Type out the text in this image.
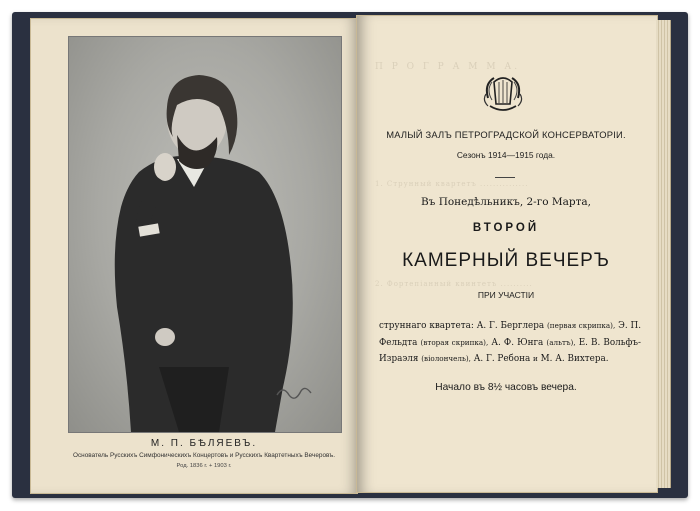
М. П. БѢЛЯЕВЪ.
Основатель Русскихъ Симфоническихъ Концертовъ и Русскихъ Квартетныхъ Вечеровъ.
Род. 1836 г. + 1903 г.
П Р О Г Р А М М А.
1. Струнный квартетъ ...............
2. Фортепіанный квинтетъ ..........
МАЛЫЙ ЗАЛЪ ПЕТРОГРАДСКОЙ КОНСЕРВАТОРІИ.
Сезонъ 1914—1915 года.
Въ Понедѣльникъ, 2-го Марта,
ВТОРОЙ
КАМЕРНЫЙ ВЕЧЕРЪ
ПРИ УЧАСТІИ
струннаго квартета: А. Г. Берглера (первая скрипка), Э. П. Фельдта (вторая скрипка), А. Ф. Юнга (альтъ), Е. В. Вольфъ-Израэля (віолончель), А. Г. Ребона и М. А. Вихтера.
Начало въ 8½ часовъ вечера.
